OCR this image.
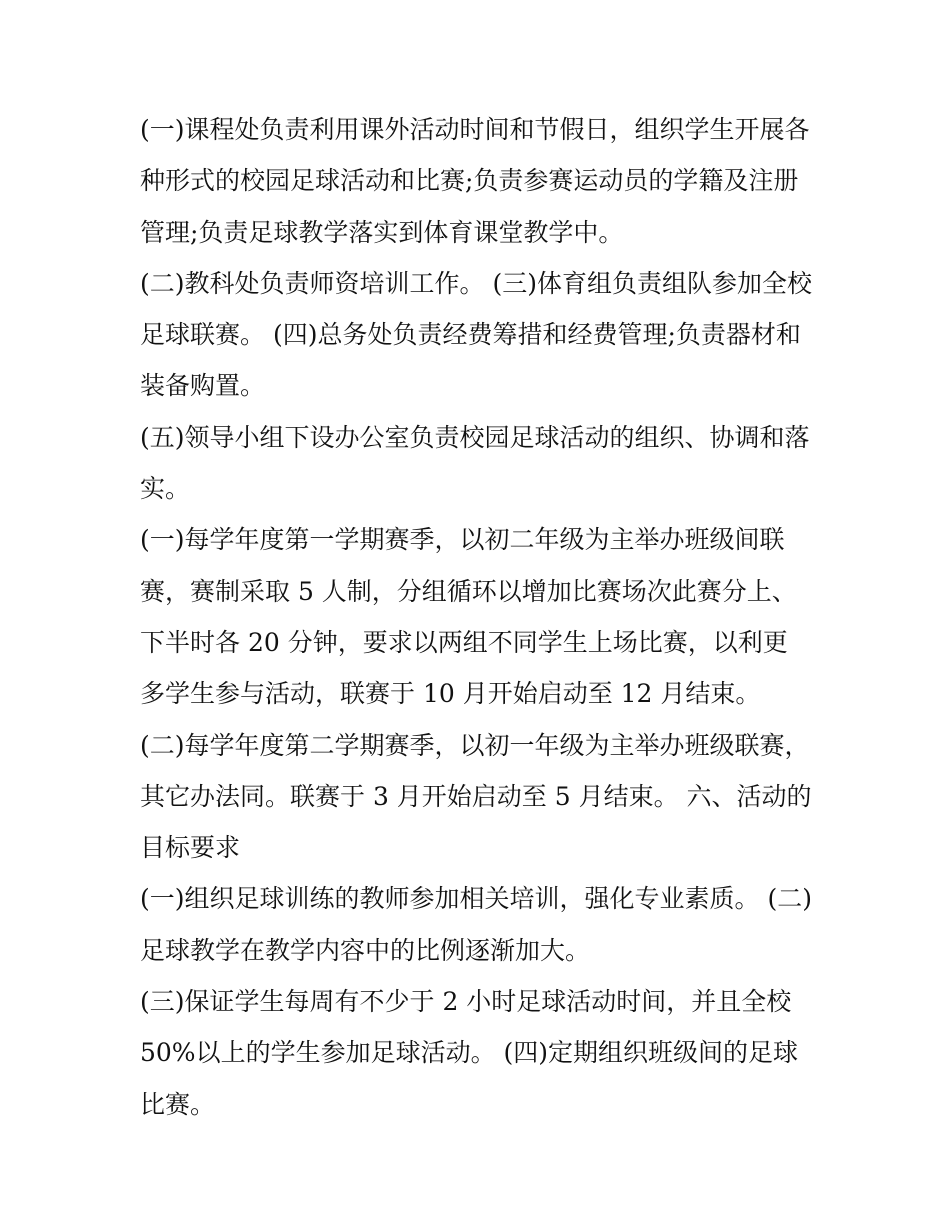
(一)课程处负责利用课外活动时间和节假日，组织学生开展各种形式的校园足球活动和比赛;负责参赛运动员的学籍及注册管理;负责足球教学落实到体育课堂教学中。

(二)教科处负责师资培训工作。 (三)体育组负责组队参加全校足球联赛。 (四)总务处负责经费筹措和经费管理;负责器材和装备购置。

(五)领导小组下设办公室负责校园足球活动的组织、协调和落实。

(一)每学年度第一学期赛季，以初二年级为主举办班级间联赛，赛制采取 5 人制，分组循环以增加比赛场次此赛分上、下半时各 20 分钟，要求以两组不同学生上场比赛，以利更多学生参与活动，联赛于 10 月开始启动至 12 月结束。

(二)每学年度第二学期赛季，以初一年级为主举办班级联赛，其它办法同。联赛于 3 月开始启动至 5 月结束。 六、活动的目标要求

(一)组织足球训练的教师参加相关培训，强化专业素质。 (二)足球教学在教学内容中的比例逐渐加大。

(三)保证学生每周有不少于 2 小时足球活动时间，并且全校 50%以上的学生参加足球活动。 (四)定期组织班级间的足球比赛。
